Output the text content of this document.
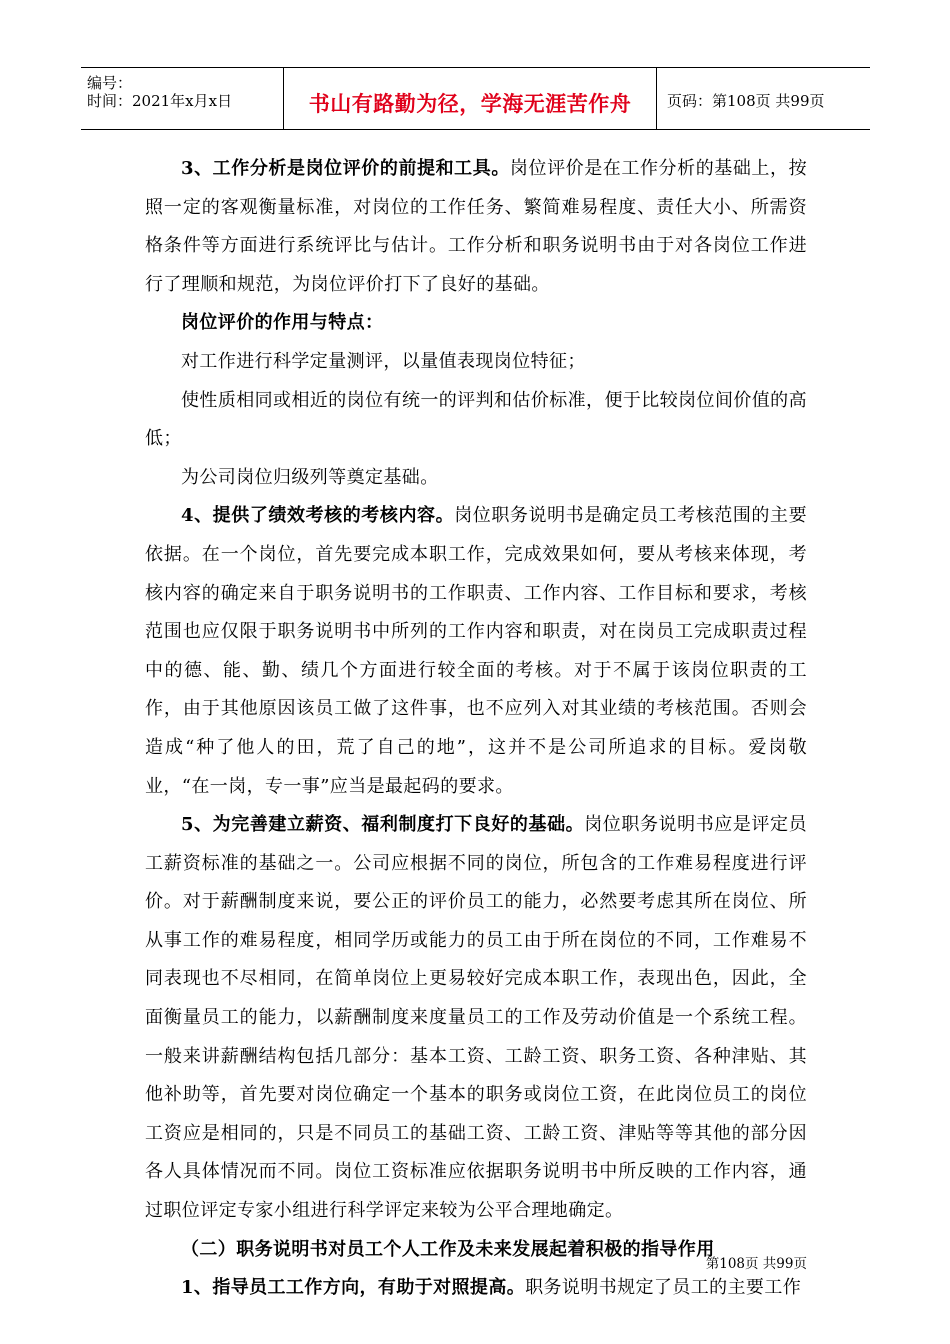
编号：
时间：2021年x月x日	书山有路勤为径，学海无涯苦作舟	页码：第108页 共99页

3、工作分析是岗位评价的前提和工具。岗位评价是在工作分析的基础上，按照一定的客观衡量标准，对岗位的工作任务、繁简难易程度、责任大小、所需资格条件等方面进行系统评比与估计。工作分析和职务说明书由于对各岗位工作进行了理顺和规范，为岗位评价打下了良好的基础。

岗位评价的作用与特点：

对工作进行科学定量测评，以量值表现岗位特征；

使性质相同或相近的岗位有统一的评判和估价标准，便于比较岗位间价值的高低；

为公司岗位归级列等奠定基础。

4、提供了绩效考核的考核内容。岗位职务说明书是确定员工考核范围的主要依据。在一个岗位，首先要完成本职工作，完成效果如何，要从考核来体现，考核内容的确定来自于职务说明书的工作职责、工作内容、工作目标和要求，考核范围也应仅限于职务说明书中所列的工作内容和职责，对在岗员工完成职责过程中的德、能、勤、绩几个方面进行较全面的考核。对于不属于该岗位职责的工作，由于其他原因该员工做了这件事，也不应列入对其业绩的考核范围。否则会造成“种了他人的田，荒了自己的地”，这并不是公司所追求的目标。爱岗敬业，“在一岗，专一事”应当是最起码的要求。

5、为完善建立薪资、福利制度打下良好的基础。岗位职务说明书应是评定员工薪资标准的基础之一。公司应根据不同的岗位，所包含的工作难易程度进行评价。对于薪酬制度来说，要公正的评价员工的能力，必然要考虑其所在岗位、所从事工作的难易程度，相同学历或能力的员工由于所在岗位的不同，工作难易不同表现也不尽相同，在简单岗位上更易较好完成本职工作，表现出色，因此，全面衡量员工的能力，以薪酬制度来度量员工的工作及劳动价值是一个系统工程。一般来讲薪酬结构包括几部分：基本工资、工龄工资、职务工资、各种津贴、其他补助等，首先要对岗位确定一个基本的职务或岗位工资，在此岗位员工的岗位工资应是相同的，只是不同员工的基础工资、工龄工资、津贴等等其他的部分因各人具体情况而不同。岗位工资标准应依据职务说明书中所反映的工作内容，通过职位评定专家小组进行科学评定来较为公平合理地确定。

（二）职务说明书对员工个人工作及未来发展起着积极的指导作用

1、指导员工工作方向，有助于对照提高。职务说明书规定了员工的主要工作

第108页 共99页
